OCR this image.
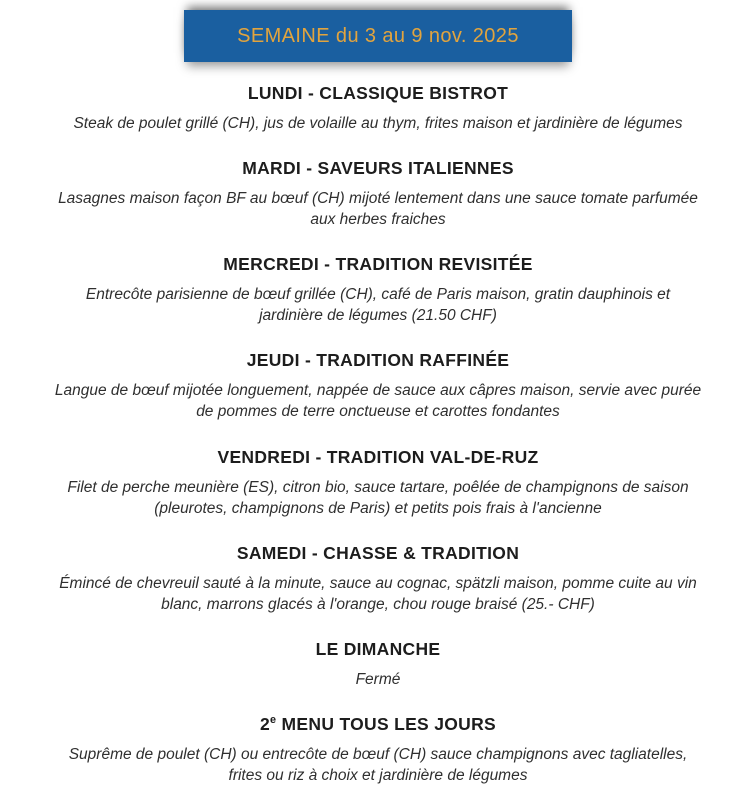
SEMAINE du 3 au 9 nov. 2025
LUNDI - CLASSIQUE BISTROT

Steak de poulet grillé (CH), jus de volaille au thym, frites maison et jardinière de légumes

MARDI - SAVEURS ITALIENNES

Lasagnes maison façon BF au bœuf (CH) mijoté lentement dans une sauce tomate parfumée aux herbes fraiches

MERCREDI - TRADITION REVISITÉE

Entrecôte parisienne de bœuf grillée (CH), café de Paris maison, gratin dauphinois et jardinière de légumes (21.50 CHF)

JEUDI - TRADITION RAFFINÉE

Langue de bœuf mijotée longuement, nappée de sauce aux câpres maison, servie avec purée de pommes de terre onctueuse et carottes fondantes

VENDREDI - TRADITION VAL-DE-RUZ

Filet de perche meunière (ES), citron bio, sauce tartare, poêlée de champignons de saison (pleurotes, champignons de Paris) et petits pois frais à l'ancienne

SAMEDI - CHASSE & TRADITION

Émincé de chevreuil sauté à la minute, sauce au cognac, spätzli maison, pomme cuite au vin blanc, marrons glacés à l'orange, chou rouge braisé (25.- CHF)

LE DIMANCHE

Fermé

2e MENU TOUS LES JOURS

Suprême de poulet (CH) ou entrecôte de bœuf (CH) sauce champignons avec tagliatelles, frites ou riz à choix et jardinière de légumes
